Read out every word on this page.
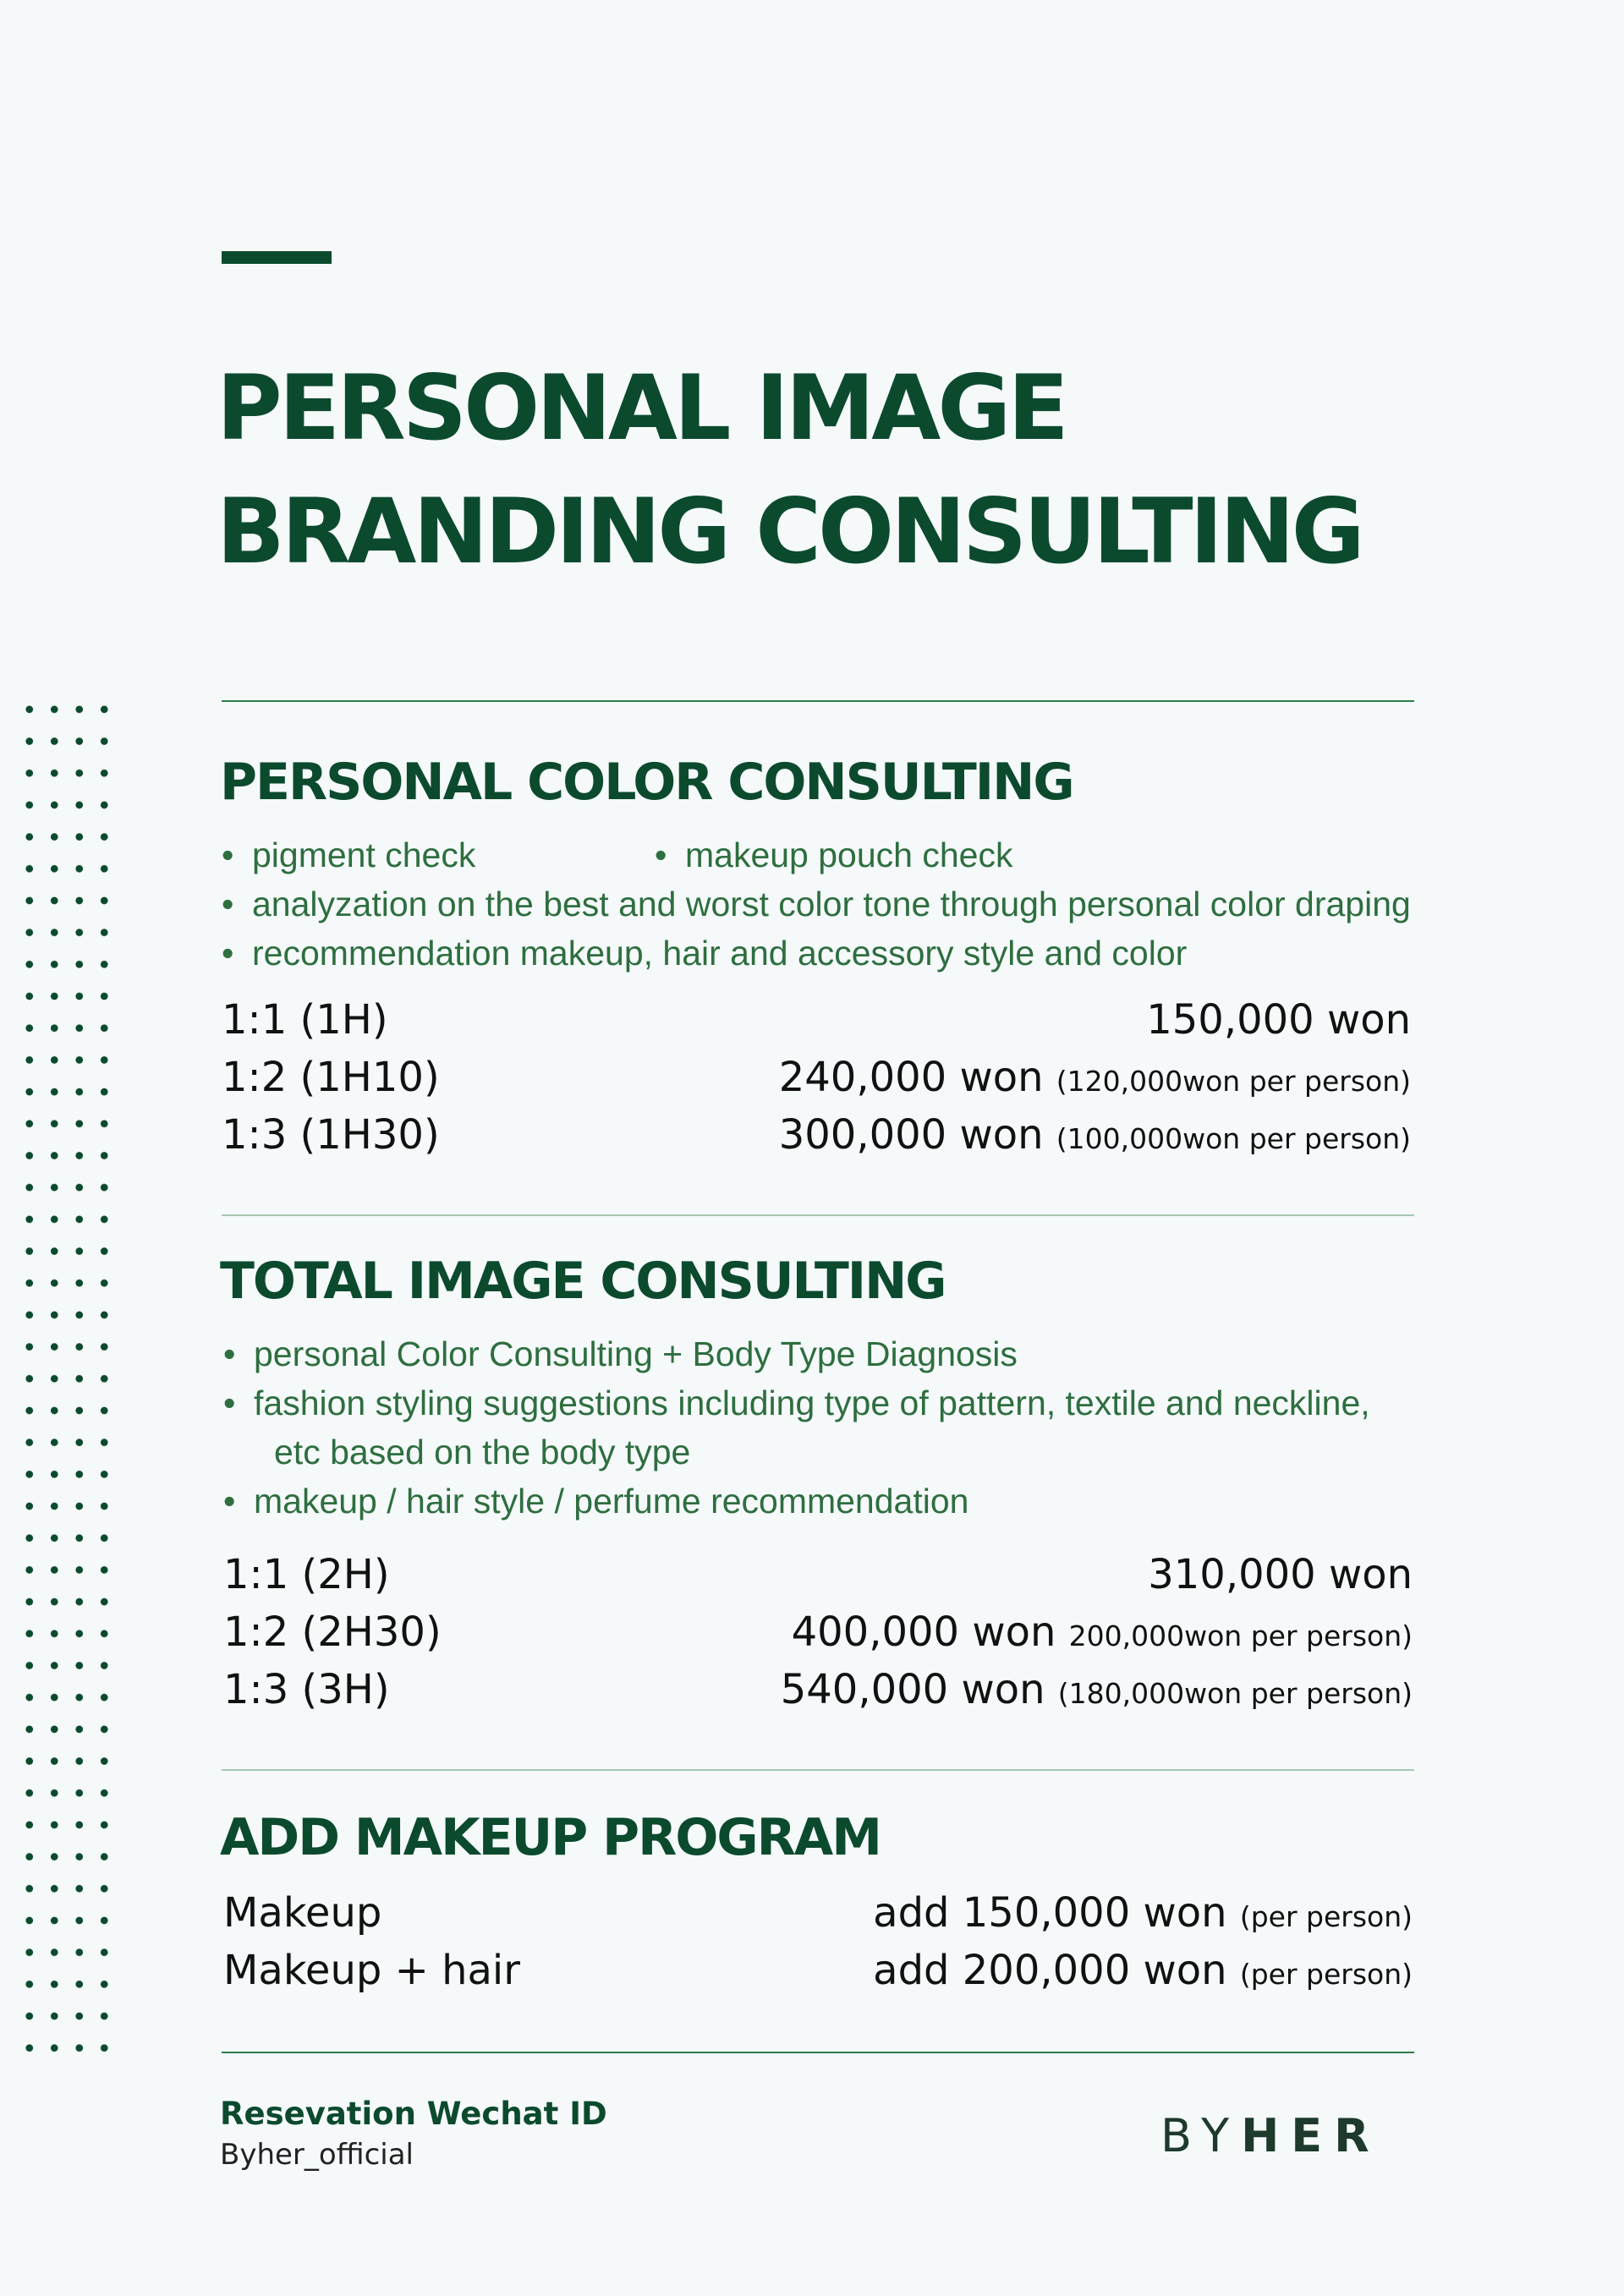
PERSONAL IMAGE
BRANDING CONSULTING
PERSONAL COLOR CONSULTING
• pigment check	• makeup pouch check
• analyzation on the best and worst color tone through personal color draping
• recommendation makeup, hair and accessory style and color
1:1 (1H)	150,000 won
1:2 (1H10)	240,000 won (120,000won per person)
1:3 (1H30)	300,000 won (100,000won per person)
TOTAL IMAGE CONSULTING
• personal Color Consulting + Body Type Diagnosis
• fashion styling suggestions including type of pattern, textile and neckline,
etc based on the body type
• makeup / hair style / perfume recommendation
1:1 (2H)	310,000 won
1:2 (2H30)	400,000 won 200,000won per person)
1:3 (3H)	540,000 won (180,000won per person)
ADD MAKEUP PROGRAM
Makeup	add 150,000 won (per person)
Makeup + hair	add 200,000 won (per person)
Resevation Wechat ID
Byher_official	BYHER
